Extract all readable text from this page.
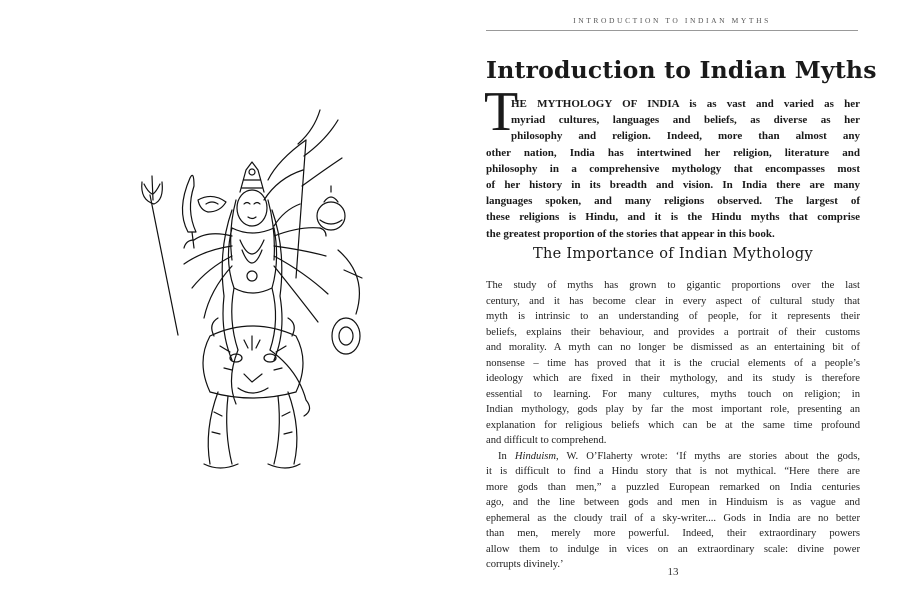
INTRODUCTION TO INDIAN MYTHS
Introduction to Indian Myths
T
HE MYTHOLOGY OF INDIA is as vast and varied as her
myriad cultures, languages and beliefs, as diverse as her
philosophy and religion. Indeed, more than almost any
other nation, India has intertwined her religion, literature and
philosophy in a comprehensive mythology that encompasses most
of her history in its breadth and vision. In India there are many
languages spoken, and many religions observed. The largest of
these religions is Hindu, and it is the Hindu myths that comprise
the greatest proportion of the stories that appear in this book.
The Importance of Indian Mythology
The study of myths has grown to gigantic proportions over the last
century, and it has become clear in every aspect of cultural study that
myth is intrinsic to an understanding of people, for it represents their
beliefs, explains their behaviour, and provides a portrait of their customs
and morality. A myth can no longer be dismissed as an entertaining bit of
nonsense – time has proved that it is the crucial elements of a people’s
ideology which are fixed in their mythology, and its study is therefore
essential to learning. For many cultures, myths touch on religion; in
Indian mythology, gods play by far the most important role, presenting an
explanation for religious beliefs which can be at the same time profound
and difficult to comprehend.
In Hinduism, W. O’Flaherty wrote: ‘If myths are stories about the gods,
it is difficult to find a Hindu story that is not mythical. “Here there are
more gods than men,” a puzzled European remarked on India centuries
ago, and the line between gods and men in Hinduism is as vague and
ephemeral as the cloudy trail of a sky-writer.... Gods in India are no better
than men, merely more powerful. Indeed, their extraordinary powers
allow them to indulge in vices on an extraordinary scale: divine power
corrupts divinely.’
13
